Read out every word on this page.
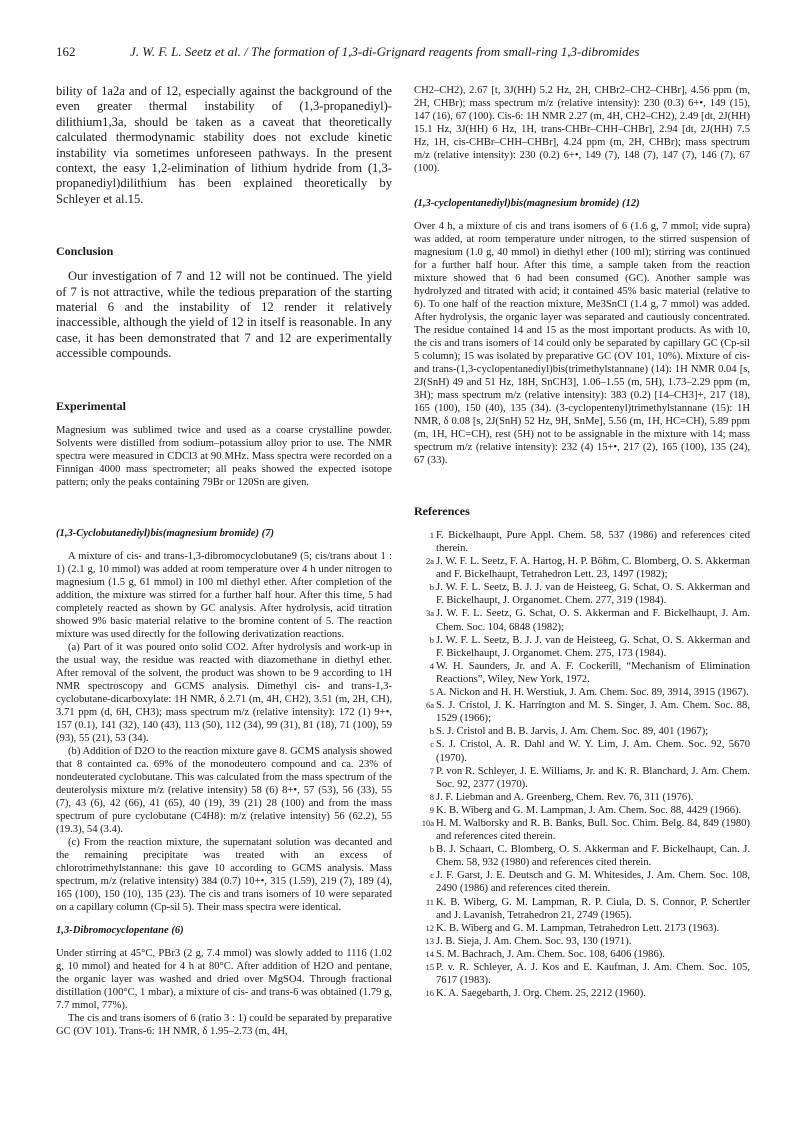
162	J. W. F. L. Seetz et al. / The formation of 1,3-di-Grignard reagents from small-ring 1,3-dibromides

bility of 1a2a and of 12, especially against the background of the even greater thermal instability of (1,3-propanediyl)-dilithium1,3a, should be taken as a caveat that theoretically calculated thermodynamic stability does not exclude kinetic instability via sometimes unforeseen pathways. In the present context, the easy 1,2-elimination of lithium hydride from (1,3-propanediyl)dilithium has been explained theoretically by Schleyer et al.15.

Conclusion

Our investigation of 7 and 12 will not be continued. The yield of 7 is not attractive, while the tedious preparation of the starting material 6 and the instability of 12 render it relatively inaccessible, although the yield of 12 in itself is reasonable. In any case, it has been demonstrated that 7 and 12 are experimentally accessible compounds.

Experimental

Magnesium was sublimed twice and used as a coarse crystalline powder. Solvents were distilled from sodium–potassium alloy prior to use. The NMR spectra were measured in CDCl3 at 90 MHz. Mass spectra were recorded on a Finnigan 4000 mass spectrometer; all peaks showed the expected isotope pattern; only the peaks containing 79Br or 120Sn are given.

(1,3-Cyclobutanediyl)bis(magnesium bromide) (7)

A mixture of cis- and trans-1,3-dibromocyclobutane9 (5; cis/trans about 1 : 1) (2.1 g, 10 mmol) was added at room temperature over 4 h under nitrogen to magnesium (1.5 g, 61 mmol) in 100 ml diethyl ether. After completion of the addition, the mixture was stirred for a further half hour. After this time, 5 had completely reacted as shown by GC analysis. After hydrolysis, acid titration showed 9% basic material relative to the bromine content of 5. The reaction mixture was used directly for the following derivatization reactions.

(a) Part of it was poured onto solid CO2. After hydrolysis and work-up in the usual way, the residue was reacted with diazomethane in diethyl ether. After removal of the solvent, the product was shown to be 9 according to 1H NMR spectroscopy and GCMS analysis. Dimethyl cis- and trans-1,3-cyclobutane-dicarboxylate: 1H NMR, δ 2.71 (m, 4H, CH2), 3.51 (m, 2H, CH), 3.71 ppm (d, 6H, CH3); mass spectrum m/z (relative intensity): 172 (1) 9+•, 157 (0.1), 141 (32), 140 (43), 113 (50), 112 (34), 99 (31), 81 (18), 71 (100), 59 (93), 55 (21), 53 (34).

(b) Addition of D2O to the reaction mixture gave 8. GCMS analysis showed that 8 containted ca. 69% of the monodeutero compound and ca. 23% of nondeuterated cyclobutane. This was calculated from the mass spectrum of the deuterolysis mixture m/z (relative intensity) 58 (6) 8+•, 57 (53), 56 (33), 55 (7), 43 (6), 42 (66), 41 (65), 40 (19), 39 (21) 28 (100) and from the mass spectrum of pure cyclobutane (C4H8): m/z (relative intensity) 56 (62.2), 55 (19.3), 54 (3.4).

(c) From the reaction mixture, the supernatant solution was decanted and the remaining precipitate was treated with an excess of chlorotrimethylstannane: this gave 10 according to GCMS analysis. Mass spectrum, m/z (relative intensity) 384 (0.7) 10+•, 315 (1.59), 219 (7), 189 (4), 165 (100), 150 (10), 135 (23). The cis and trans isomers of 10 were separated on a capillary column (Cp-sil 5). Their mass spectra were identical.

1,3-Dibromocyclopentane (6)

Under stirring at 45°C, PBr3 (2 g, 7.4 mmol) was slowly added to 1116 (1.02 g, 10 mmol) and heated for 4 h at 80°C. After addition of H2O and pentane, the organic layer was washed and dried over MgSO4. Through fractional distillation (100°C, 1 mbar), a mixture of cis- and trans-6 was obtained (1.79 g, 7.7 mmol, 77%).

The cis and trans isomers of 6 (ratio 3 : 1) could be separated by preparative GC (OV 101). Trans-6: 1H NMR, δ 1.95–2.73 (m, 4H,

CH2–CH2), 2.67 [t, 3J(HH) 5.2 Hz, 2H, CHBr2–CH2–CHBr], 4.56 ppm (m, 2H, CHBr); mass spectrum m/z (relative intensity): 230 (0.3) 6+•, 149 (15), 147 (16), 67 (100). Cis-6: 1H NMR 2.27 (m, 4H, CH2–CH2), 2.49 [dt, 2J(HH) 15.1 Hz, 3J(HH) 6 Hz, 1H, trans-CHBr–CHH–CHBr], 2.94 [dt, 2J(HH) 7.5 Hz, 1H, cis-CHBr–CHH–CHBr], 4.24 ppm (m, 2H, CHBr); mass spectrum m/z (relative intensity): 230 (0.2) 6+•, 149 (7), 148 (7), 147 (7), 146 (7), 67 (100).

(1,3-cyclopentanediyl)bis(magnesium bromide) (12)

Over 4 h, a mixture of cis and trans isomers of 6 (1.6 g, 7 mmol; vide supra) was added, at room temperature under nitrogen, to the stirred suspension of magnesium (1.0 g, 40 mmol) in diethyl ether (100 ml); stirring was continued for a further half hour. After this time, a sample taken from the reaction mixture showed that 6 had been consumed (GC). Another sample was hydrolyzed and titrated with acid; it contained 45% basic material (relative to 6). To one half of the reaction mixture, Me3SnCl (1.4 g, 7 mmol) was added. After hydrolysis, the organic layer was separated and cautiously concentrated. The residue contained 14 and 15 as the most important products. As with 10, the cis and trans isomers of 14 could only be separated by capillary GC (Cp-sil 5 column); 15 was isolated by preparative GC (OV 101, 10%). Mixture of cis- and trans-(1,3-cyclopentanediyl)bis(trimethylstannane) (14): 1H NMR 0.04 [s, 2J(SnH) 49 and 51 Hz, 18H, SnCH3], 1.06–1.55 (m, 5H), 1.73–2.29 ppm (m, 3H); mass spectrum m/z (relative intensity): 383 (0.2) [14–CH3]+, 217 (18), 165 (100), 150 (40), 135 (34). (3-cyclopentenyl)trimethylstannane (15): 1H NMR, δ 0.08 [s, 2J(SnH) 52 Hz, 9H, SnMe], 5.56 (m, 1H, HC=CH), 5.89 ppm (m, 1H, HC=CH), rest (5H) not to be assignable in the mixture with 14; mass spectrum m/z (relative intensity): 232 (4) 15+•, 217 (2), 165 (100), 135 (24), 67 (33).

References
1 F. Bickelhaupt, Pure Appl. Chem. 58, 537 (1986) and references cited therein.
2a J. W. F. L. Seetz, F. A. Hartog, H. P. Böhm, C. Blomberg, O. S. Akkerman and F. Bickelhaupt, Tetrahedron Lett. 23, 1497 (1982);
b J. W. F. L. Seetz, B. J. J. van de Heisteeg, G. Schat, O. S. Akkerman and F. Bickelhaupt, J. Organomet. Chem. 277, 319 (1984).
3a J. W. F. L. Seetz, G. Schat, O. S. Akkerman and F. Bickelhaupt, J. Am. Chem. Soc. 104, 6848 (1982);
b J. W. F. L. Seetz, B. J. J. van de Heisteeg, G. Schat, O. S. Akkerman and F. Bickelhaupt, J. Organomet. Chem. 275, 173 (1984).
4 W. H. Saunders, Jr. and A. F. Cockerill, “Mechanism of Elimination Reactions”, Wiley, New York, 1972.
5 A. Nickon and H. H. Werstiuk, J. Am. Chem. Soc. 89, 3914, 3915 (1967).
6a S. J. Cristol, J. K. Harrington and M. S. Singer, J. Am. Chem. Soc. 88, 1529 (1966);
b S. J. Cristol and B. B. Jarvis, J. Am. Chem. Soc. 89, 401 (1967);
c S. J. Cristol, A. R. Dahl and W. Y. Lim, J. Am. Chem. Soc. 92, 5670 (1970).
7 P. von R. Schleyer, J. E. Williams, Jr. and K. R. Blanchard, J. Am. Chem. Soc. 92, 2377 (1970).
8 J. F. Liebman and A. Greenberg, Chem. Rev. 76, 311 (1976).
9 K. B. Wiberg and G. M. Lampman, J. Am. Chem. Soc. 88, 4429 (1966).
10a H. M. Walborsky and R. B. Banks, Bull. Soc. Chim. Belg. 84, 849 (1980) and references cited therein.
b B. J. Schaart, C. Blomberg, O. S. Akkerman and F. Bickelhaupt, Can. J. Chem. 58, 932 (1980) and references cited therein.
c J. F. Garst, J. E. Deutsch and G. M. Whitesides, J. Am. Chem. Soc. 108, 2490 (1986) and references cited therein.
11 K. B. Wiberg, G. M. Lampman, R. P. Ciula, D. S. Connor, P. Schertler and J. Lavanish, Tetrahedron 21, 2749 (1965).
12 K. B. Wiberg and G. M. Lampman, Tetrahedron Lett. 2173 (1963).
13 J. B. Sieja, J. Am. Chem. Soc. 93, 130 (1971).
14 S. M. Bachrach, J. Am. Chem. Soc. 108, 6406 (1986).
15 P. v. R. Schleyer, A. J. Kos and E. Kaufman, J. Am. Chem. Soc. 105, 7617 (1983).
16 K. A. Saegebarth, J. Org. Chem. 25, 2212 (1960).
